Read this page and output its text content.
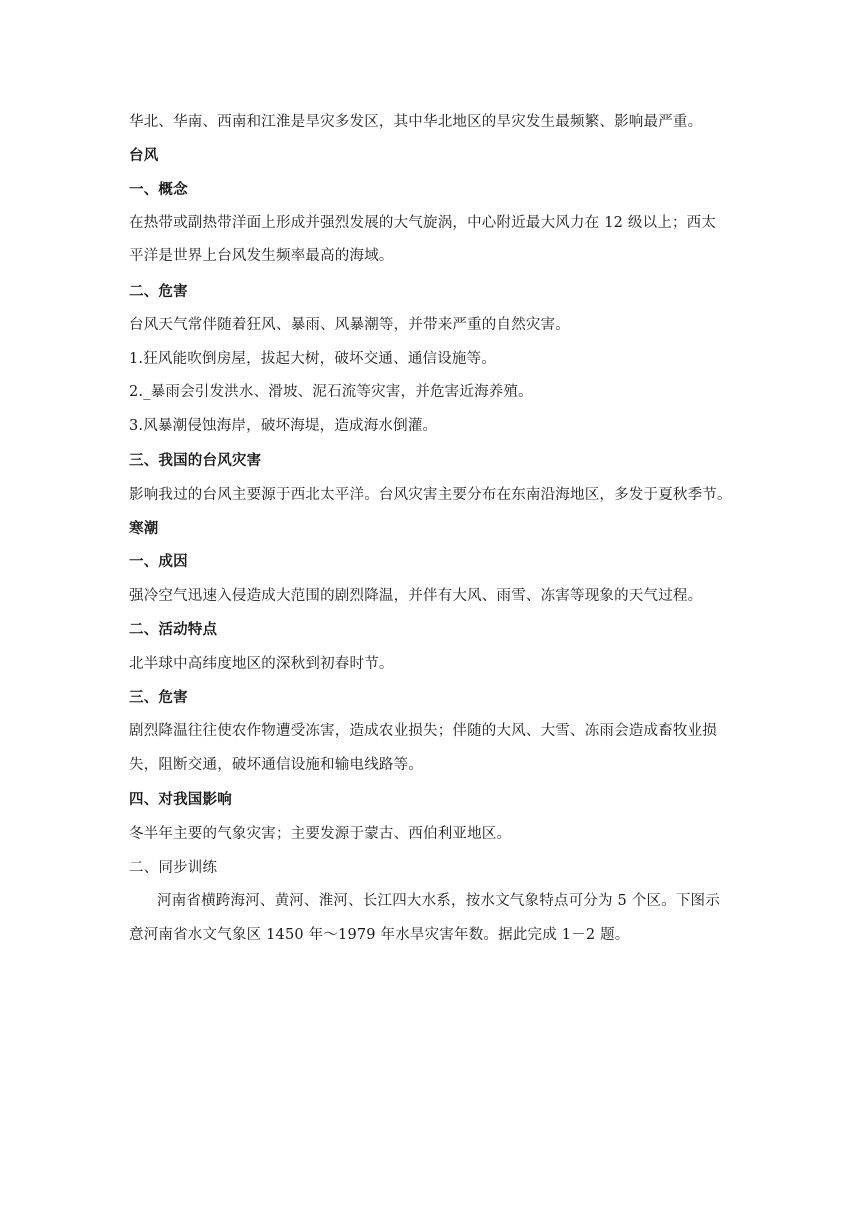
华北、华南、西南和江淮是旱灾多发区，其中华北地区的旱灾发生最频繁、影响最严重。
台风
一、概念
在热带或副热带洋面上形成并强烈发展的大气旋涡，中心附近最大风力在 12 级以上；西太
平洋是世界上台风发生频率最高的海域。
二、危害
台风天气常伴随着狂风、暴雨、风暴潮等，并带来严重的自然灾害。
1.狂风能吹倒房屋，拔起大树，破坏交通、通信设施等。
2._暴雨会引发洪水、滑坡、泥石流等灾害，并危害近海养殖。
3.风暴潮侵蚀海岸，破坏海堤，造成海水倒灌。
三、我国的台风灾害
影响我过的台风主要源于西北太平洋。台风灾害主要分布在东南沿海地区，多发于夏秋季节。
寒潮
一、成因
强冷空气迅速入侵造成大范围的剧烈降温，并伴有大风、雨雪、冻害等现象的天气过程。
二、活动特点
北半球中高纬度地区的深秋到初春时节。
三、危害
剧烈降温往往使农作物遭受冻害，造成农业损失；伴随的大风、大雪、冻雨会造成畜牧业损
失，阻断交通，破坏通信设施和输电线路等。
四、对我国影响
冬半年主要的气象灾害；主要发源于蒙古、西伯利亚地区。
二、同步训练
河南省横跨海河、黄河、淮河、长江四大水系，按水文气象特点可分为 5 个区。下图示
意河南省水文气象区 1450 年～1979 年水旱灾害年数。据此完成 1－2 题。
